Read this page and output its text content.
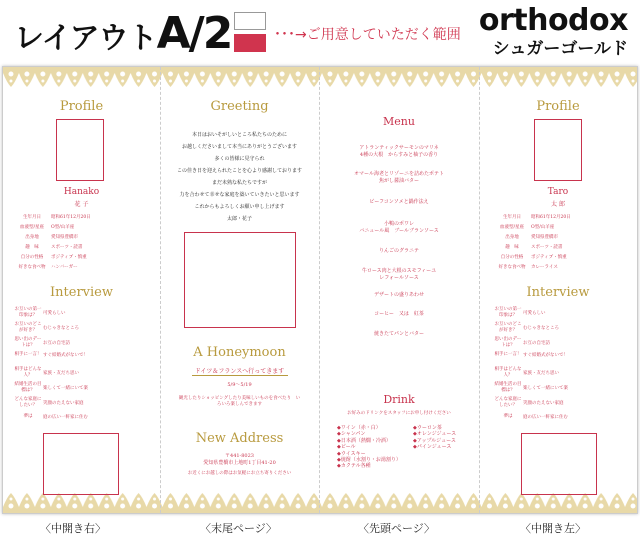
レイアウトA/2	･･･→ご用意していただく範囲 orthodox
シュガーゴールド
Profile
Hanako
花 子
生年月日 昭和61年12月20日
血液型/星座 O型/山羊座
出身地	愛知県豊橋市
趣　味	スポーツ・読書
自分の性格 ポジティブ・慎重
好きな食べ物 ハンバーガー
Interview
お互いの第一印象は？ 可愛らしい
お互いのどこが好き？ むじゃきなところ
思い出のデートは？ お互の自宅訪
相手に一言！ すぐ結婚式がないで！
相手はどんな人？ 家族・友だち思い
結婚生活の目標は？ 楽しくて一緒にいて楽
どんな家庭にしたい？ 笑顔のたえない家庭
夢は 庭の広い一軒家に住む
Greeting
本日はおいそがしいところ私たちのために
お越しくださいまして本当にありがとうございます
多くの皆様に見守られ
この佳き日を迎えられたことを心より感謝しております
まだ未熟な私たちですが
力を合わせて幸せな家庭を築いていきたいと思います
これからもよろしくお願い申し上げます
太郎・花子
A Honeymoon
ドイツ＆フランスへ行ってきます
5/9〜5/19
観光したりショッピングしたり美味しいものを食べたり　いろいろ楽しんできます
New Address
〒441-8023
愛知県豊橋市上地町1丁目41-20
お近くにお越しの際はお気軽にお立ち寄りください
Menu
アトランティックサーモンのマリネ
4種の大根　からすみと柚子の香り
オマール海老とリゾーニを詰めたポテト
焦がし醤油バター
ビーフコンソメと鍋作法え
小鴨のポワレ
バニュール風　ブールブランソース
りんごのグラニテ
牛ロース肉と大根のスモフィーユ
レフォールソース
デザートの盛りあわせ
コーヒー　又は　紅茶
焼きたてパンとバター
Drink
お好みのドリンクをスタッフにお申し付けください
◆ワイン（赤・白）
◆シャンパン
◆日本酒（熱燗・冷酒）
◆ビール
◆ウイスキー
◆焼酎（水割り・お湯割り）
◆カクテル各種
◆ウーロン茶
◆オレンジジュース
◆アップルジュース
◆パインジュース
Profile
Taro
太 郎
生年月日 昭和61年12月20日
血液型/星座 O型/山羊座
出身地	愛知県豊橋市
趣　味	スポーツ・読書
自分の性格 ポジティブ・慎重
好きな食べ物 カレーライス
Interview
お互いの第一印象は？ 可愛らしい
お互いのどこが好き？ むじゃきなところ
思い出のデートは？ お互の自宅訪
相手に一言！ すぐ結婚式がないで！
相手はどんな人？ 家族・友だち思い
結婚生活の目標は？ 楽しくて一緒にいて楽
どんな家庭にしたい？ 笑顔のたえない家庭
夢は 庭の広い一軒家に住む
〈中開き右〉	〈末尾ページ〉	〈先頭ページ〉	〈中開き左〉
